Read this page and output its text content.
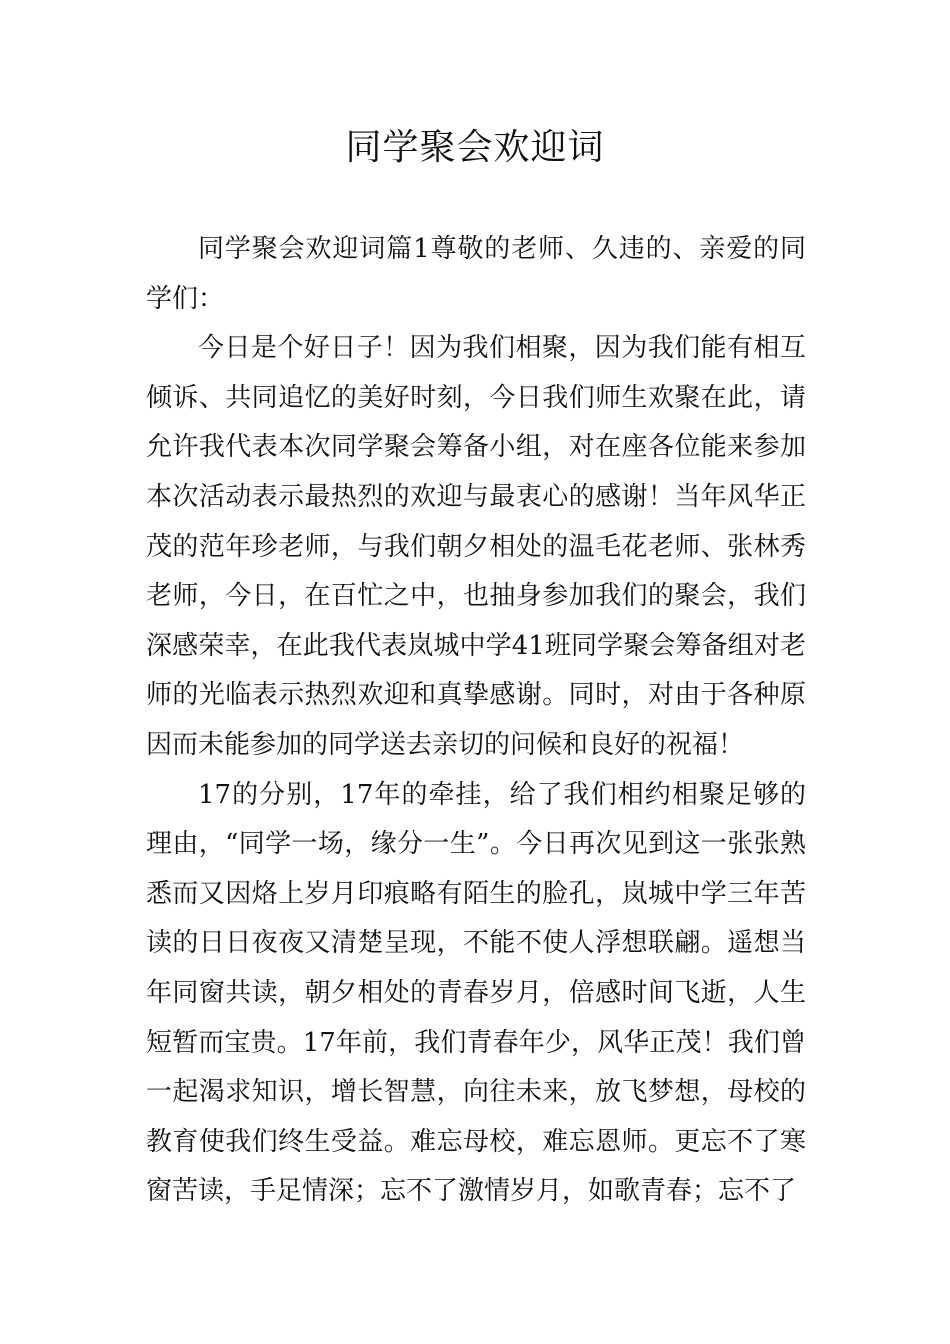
同学聚会欢迎词

同学聚会欢迎词篇1尊敬的老师、久违的、亲爱的同学们：

今日是个好日子！因为我们相聚，因为我们能有相互倾诉、共同追忆的美好时刻，今日我们师生欢聚在此，请允许我代表本次同学聚会筹备小组，对在座各位能来参加本次活动表示最热烈的欢迎与最衷心的感谢！当年风华正茂的范年珍老师，与我们朝夕相处的温毛花老师、张林秀老师，今日，在百忙之中，也抽身参加我们的聚会，我们深感荣幸，在此我代表岚城中学41班同学聚会筹备组对老师的光临表示热烈欢迎和真挚感谢。同时，对由于各种原因而未能参加的同学送去亲切的问候和良好的祝福！

17的分别，17年的牵挂，给了我们相约相聚足够的理由，“同学一场，缘分一生”。今日再次见到这一张张熟悉而又因烙上岁月印痕略有陌生的脸孔，岚城中学三年苦读的日日夜夜又清楚呈现，不能不使人浮想联翩。遥想当年同窗共读，朝夕相处的青春岁月，倍感时间飞逝，人生短暂而宝贵。17年前，我们青春年少，风华正茂！我们曾一起渴求知识，增长智慧，向往未来，放飞梦想，母校的教育使我们终生受益。难忘母校，难忘恩师。更忘不了寒窗苦读，手足情深；忘不了激情岁月，如歌青春；忘不了
